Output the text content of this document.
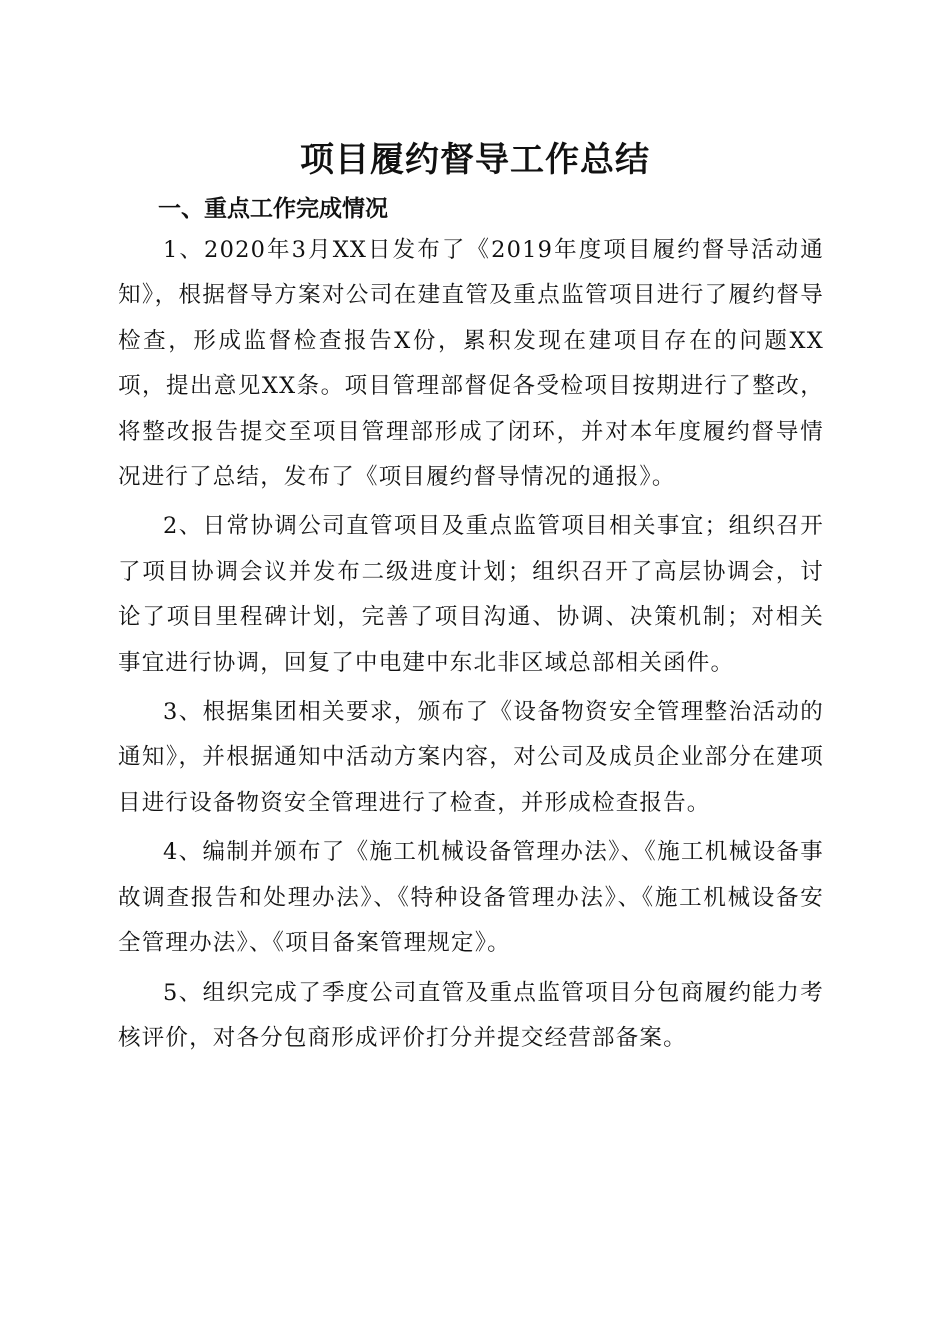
项目履约督导工作总结
一、重点工作完成情况

1、2020年3月XX日发布了《2019年度项目履约督导活动通知》，根据督导方案对公司在建直管及重点监管项目进行了履约督导检查，形成监督检查报告X份，累积发现在建项目存在的问题XX项，提出意见XX条。项目管理部督促各受检项目按期进行了整改，将整改报告提交至项目管理部形成了闭环，并对本年度履约督导情况进行了总结，发布了《项目履约督导情况的通报》。

2、日常协调公司直管项目及重点监管项目相关事宜；组织召开了项目协调会议并发布二级进度计划；组织召开了高层协调会，讨论了项目里程碑计划，完善了项目沟通、协调、决策机制；对相关事宜进行协调，回复了中电建中东北非区域总部相关函件。

3、根据集团相关要求，颁布了《设备物资安全管理整治活动的通知》，并根据通知中活动方案内容，对公司及成员企业部分在建项目进行设备物资安全管理进行了检查，并形成检查报告。

4、编制并颁布了《施工机械设备管理办法》、《施工机械设备事故调查报告和处理办法》、《特种设备管理办法》、《施工机械设备安全管理办法》、《项目备案管理规定》。

5、组织完成了季度公司直管及重点监管项目分包商履约能力考核评价，对各分包商形成评价打分并提交经营部备案。
